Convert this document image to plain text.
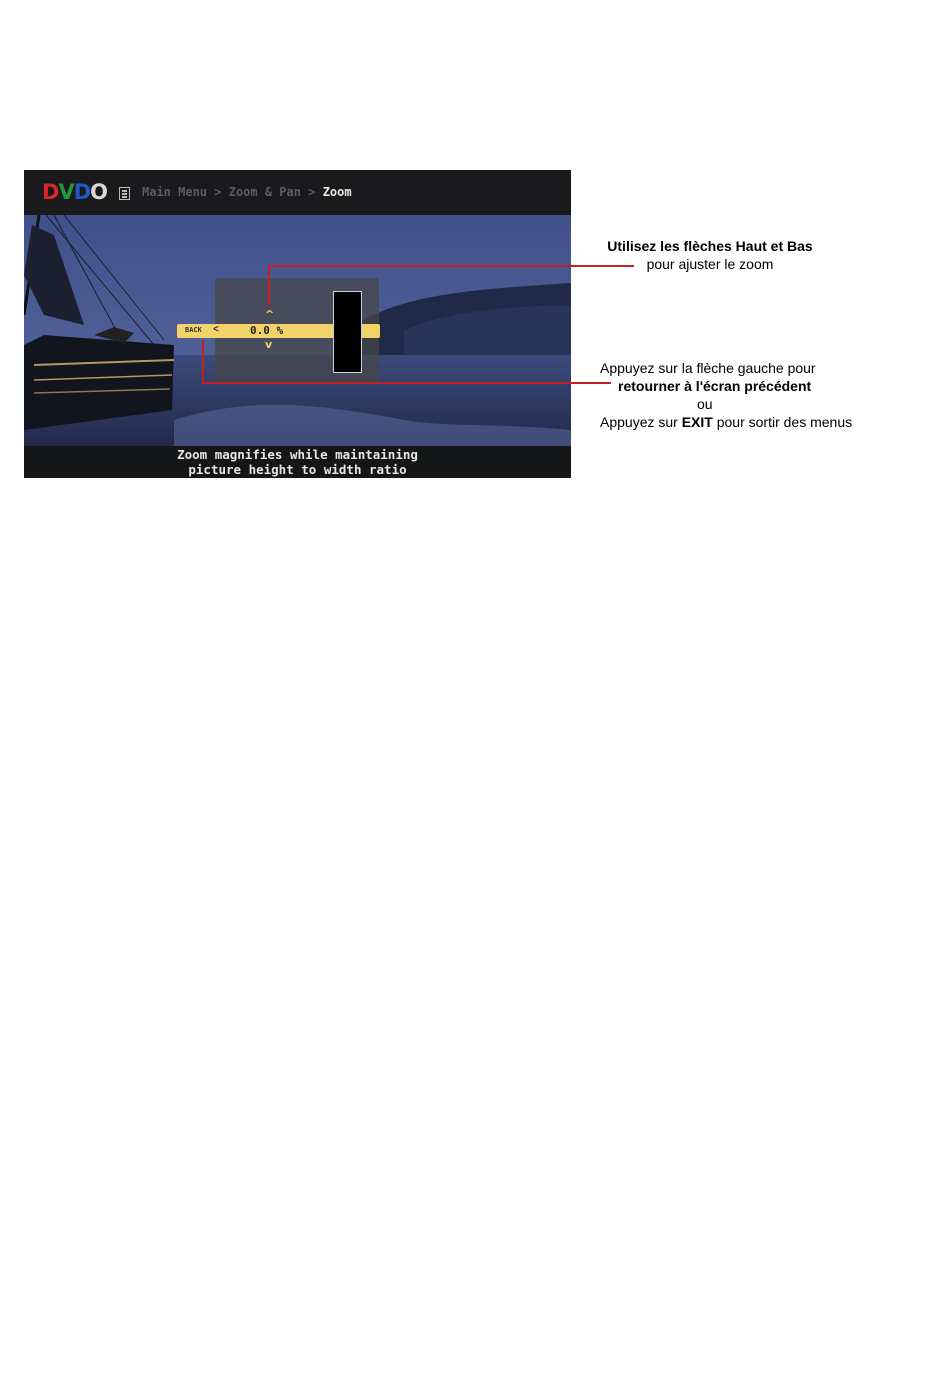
DVDO	Main Menu > Zoom & Pan > Zoom
BACK <	0.0 %
^
v
Zoom magnifies while maintaining
picture height to width ratio
Utilisez les flèches Haut et Bas
pour ajuster le zoom
Appuyez sur la flèche gauche pour
retourner à l'écran précédent
ou
Appuyez sur EXIT pour sortir des menus
